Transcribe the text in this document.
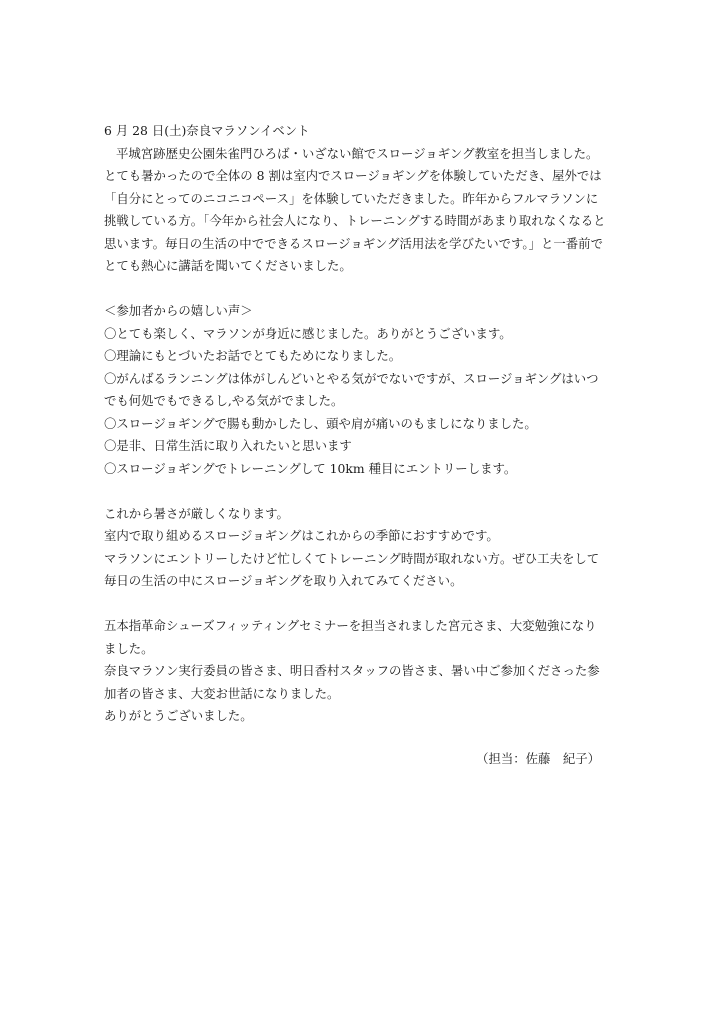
6 月 28 日(土)奈良マラソンイベント
平城宮跡歴史公園朱雀門ひろば・いざない館でスロージョギング教室を担当しました。
とても暑かったので全体の 8 割は室内でスロージョギングを体験していただき、屋外では
「自分にとってのニコニコペース」を体験していただきました。昨年からフルマラソンに
挑戦している方。「今年から社会人になり、トレーニングする時間があまり取れなくなると
思います。毎日の生活の中でできるスロージョギング活用法を学びたいです。」と一番前で
とても熱心に講話を聞いてくださいました。
＜参加者からの嬉しい声＞
〇とても楽しく、マラソンが身近に感じました。ありがとうございます。
〇理論にもとづいたお話でとてもためになりました。
〇がんばるランニングは体がしんどいとやる気がでないですが、スロージョギングはいつ
でも何処でもできるし,やる気がでました。
〇スロージョギングで腸も動かしたし、頭や肩が痛いのもましになりました。
〇是非、日常生活に取り入れたいと思います
〇スロージョギングでトレーニングして 10km 種目にエントリーします。
これから暑さが厳しくなります。
室内で取り組めるスロージョギングはこれからの季節におすすめです。
マラソンにエントリーしたけど忙しくてトレーニング時間が取れない方。ぜひ工夫をして
毎日の生活の中にスロージョギングを取り入れてみてください。
五本指革命シューズフィッティングセミナーを担当されました宮元さま、大変勉強になり
ました。
奈良マラソン実行委員の皆さま、明日香村スタッフの皆さま、暑い中ご参加くださった参
加者の皆さま、大変お世話になりました。
ありがとうございました。
（担当：佐藤　紀子）
